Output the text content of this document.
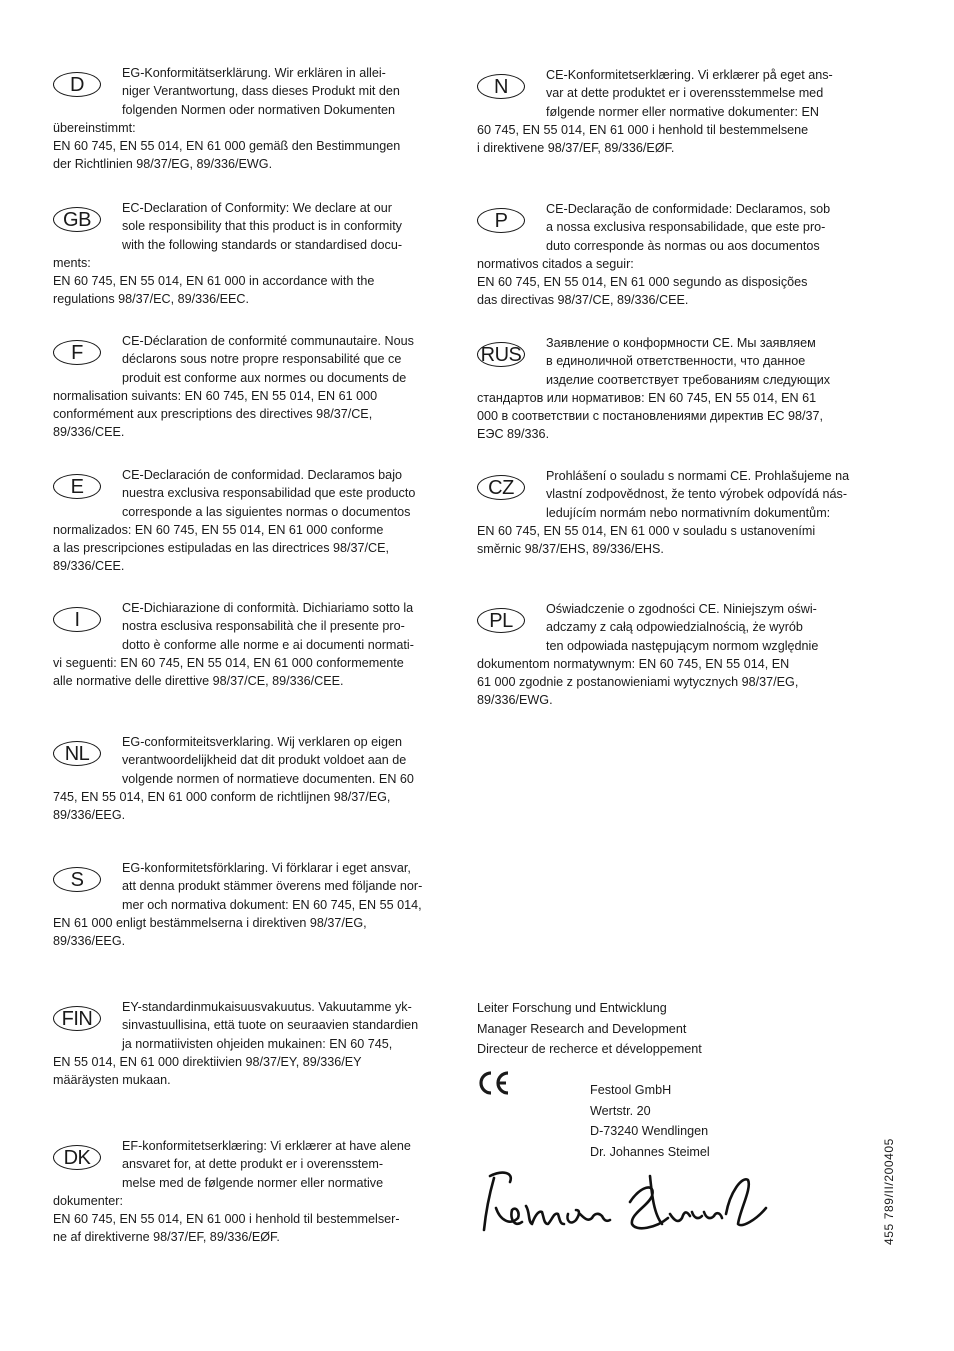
D

EG-Konformitätserklärung. Wir erklären in allei-

niger Verantwortung, dass dieses Produkt mit den

folgenden Normen oder normativen Dokumenten

übereinstimmt:

EN 60 745, EN 55 014, EN 61 000 gemäß den Bestimmungen

der Richtlinien 98/37/EG, 89/336/EWG.

GB

EC-Declaration of Conformity: We declare at our

sole responsibility that this product is in conformity

with the following standards or standardised docu-

ments:

EN 60 745, EN 55 014, EN 61 000 in accordance with the

regulations 98/37/EC, 89/336/EEC.

F

CE-Déclaration de conformité communautaire. Nous

déclarons sous notre propre responsabilité que ce

produit est conforme aux normes ou documents de

normalisation suivants: EN 60 745, EN 55 014, EN 61 000

conformément aux prescriptions des directives 98/37/CE,

89/336/CEE.

E

CE-Declaración de conformidad. Declaramos bajo

nuestra exclusiva responsabilidad que este producto

corresponde a las siguientes normas o documentos

normalizados: EN 60 745, EN 55 014, EN 61 000 conforme

a las prescripciones estipuladas en las directrices 98/37/CE,

89/336/CEE.

I

CE-Dichiarazione di conformità. Dichiariamo sotto la

nostra esclusiva responsabilità che il presente pro-

dotto è conforme alle norme e ai documenti normati-

vi seguenti: EN 60 745, EN 55 014, EN 61 000 conformemente

alle normative delle direttive 98/37/CE, 89/336/CEE.

NL

EG-conformiteitsverklaring. Wij verklaren op eigen

verantwoordelijkheid dat dit produkt voldoet aan de

volgende normen of normatieve documenten. EN 60

745, EN 55 014, EN 61 000 conform de richtlijnen 98/37/EG,

89/336/EEG.

S

EG-konformitetsförklaring. Vi förklarar i eget ansvar,

att denna produkt stämmer överens med följande nor-

mer och normativa dokument: EN 60 745, EN 55 014,

EN 61 000 enligt bestämmelserna i direktiven 98/37/EG,

89/336/EEG.

FIN

EY-standardinmukaisuusvakuutus. Vakuutamme yk-

sinvastuullisina, että tuote on seuraavien standardien

ja normatiivisten ohjeiden mukainen: EN 60 745,

EN 55 014, EN 61 000 direktiivien 98/37/EY, 89/336/EY

määräysten mukaan.

DK

EF-konformitetserklæring: Vi erklærer at have alene

ansvaret for, at dette produkt er i overensstem-

melse med de følgende normer eller normative

dokumenter:

EN 60 745, EN 55 014, EN 61 000 i henhold til bestemmelser-

ne af direktiverne 98/37/EF, 89/336/EØF.

N

CE-Konformitetserklæring. Vi erklærer på eget ans-

var at dette produktet er i overensstemmelse med

følgende normer eller normative dokumenter: EN

60 745, EN 55 014, EN 61 000 i henhold til bestemmelsene

i direktivene 98/37/EF, 89/336/EØF.

P

CE-Declaração de conformidade: Declaramos, sob

a nossa exclusiva responsabilidade, que este pro-

duto corresponde às normas ou aos documentos

normativos citados a seguir:

EN 60 745, EN 55 014, EN 61 000 segundo as disposições

das directivas 98/37/CE, 89/336/CEE.

RUS

Заявление о конформности CE. Мы заявляем

в единоличной ответственности, что данное

изделие соответствует требованиям следующих

стандартов или нормативов: EN 60 745, EN 55 014, EN 61

000 в соответствии с постановлениями директив ЕС 98/37,

ЕЭС 89/336.

CZ

Prohlášení o souladu s normami CE. Prohlašujeme na

vlastní zodpovědnost, že tento výrobek odpovídá nás-

ledujícím normám nebo normativním dokumentům:

EN 60 745, EN 55 014, EN 61 000 v souladu s ustanoveními

směrnic 98/37/EHS, 89/336/EHS.

PL

Oświadczenie o zgodności CE. Niniejszym oświ-

adczamy z całą odpowiedzialnością, że wyrób

ten odpowiada następującym normom względnie

dokumentom normatywnym: EN 60 745, EN 55 014, EN

61 000 zgodnie z postanowieniami wytycznych 98/37/EG,

89/336/EWG.

Leiter Forschung und Entwicklung
Manager Research and Development
Directeur de recherce et développement
Festool GmbH
Wertstr. 20
D-73240 Wendlingen
Dr. Johannes Steimel	455 789/II/200405
